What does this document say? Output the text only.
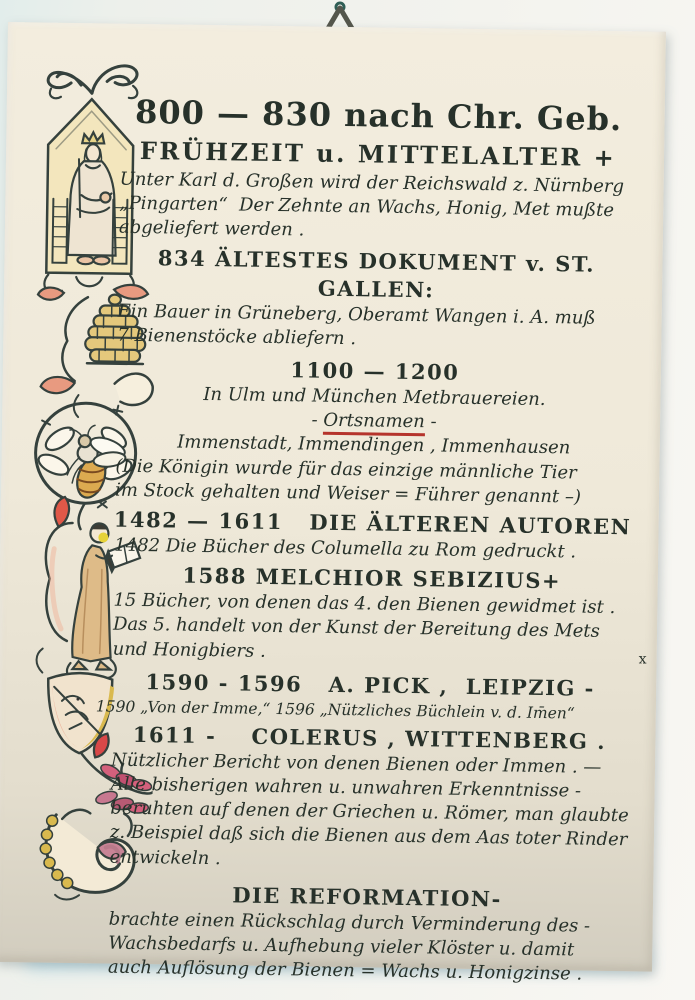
800 — 830 nach Chr. Geb.
FRÜHZEIT u. MITTELALTER +
Unter Karl d. Großen wird der Reichswald z. Nürnberg
„Pingarten“  Der Zehnte an Wachs, Honig, Met mußte
abgeliefert werden .
834 ÄLTESTES DOKUMENT v. ST. GALLEN:
Ein Bauer in Grüneberg, Oberamt Wangen i. A. muß
7 Bienenstöcke abliefern .
1100 — 1200
In Ulm und München Metbrauereien.
- Ortsnamen -
Immenstadt, Immendingen , Immenhausen
(Die Königin wurde für das einzige männliche Tier
im Stock gehalten und Weiser = Führer genannt –)
1482 — 1611   DIE ÄLTEREN AUTOREN
1482 Die Bücher des Columella zu Rom gedruckt .
1588 MELCHIOR SEBIZIUS+
15 Bücher, von denen das 4. den Bienen gewidmet ist .
Das 5. handelt von der Kunst der Bereitung des Mets
und Honigbiers .	x
1590 - 1596   A. PICK ,  LEIPZIG -
1590 „Von der Imme,“ 1596 „Nützliches Büchlein v. d. Im̄en“
1611 -    COLERUS , WITTENBERG .
Nützlicher Bericht von denen Bienen oder Immen . —
Alle bisherigen wahren u. unwahren Erkenntnisse -
beruhten auf denen der Griechen u. Römer, man glaubte
z. Beispiel daß sich die Bienen aus dem Aas toter Rinder
entwickeln .
DIE REFORMATION-
brachte einen Rückschlag durch Verminderung des -
Wachsbedarfs u. Aufhebung vieler Klöster u. damit
auch Auflösung der Bienen = Wachs u. Honigzinse .
